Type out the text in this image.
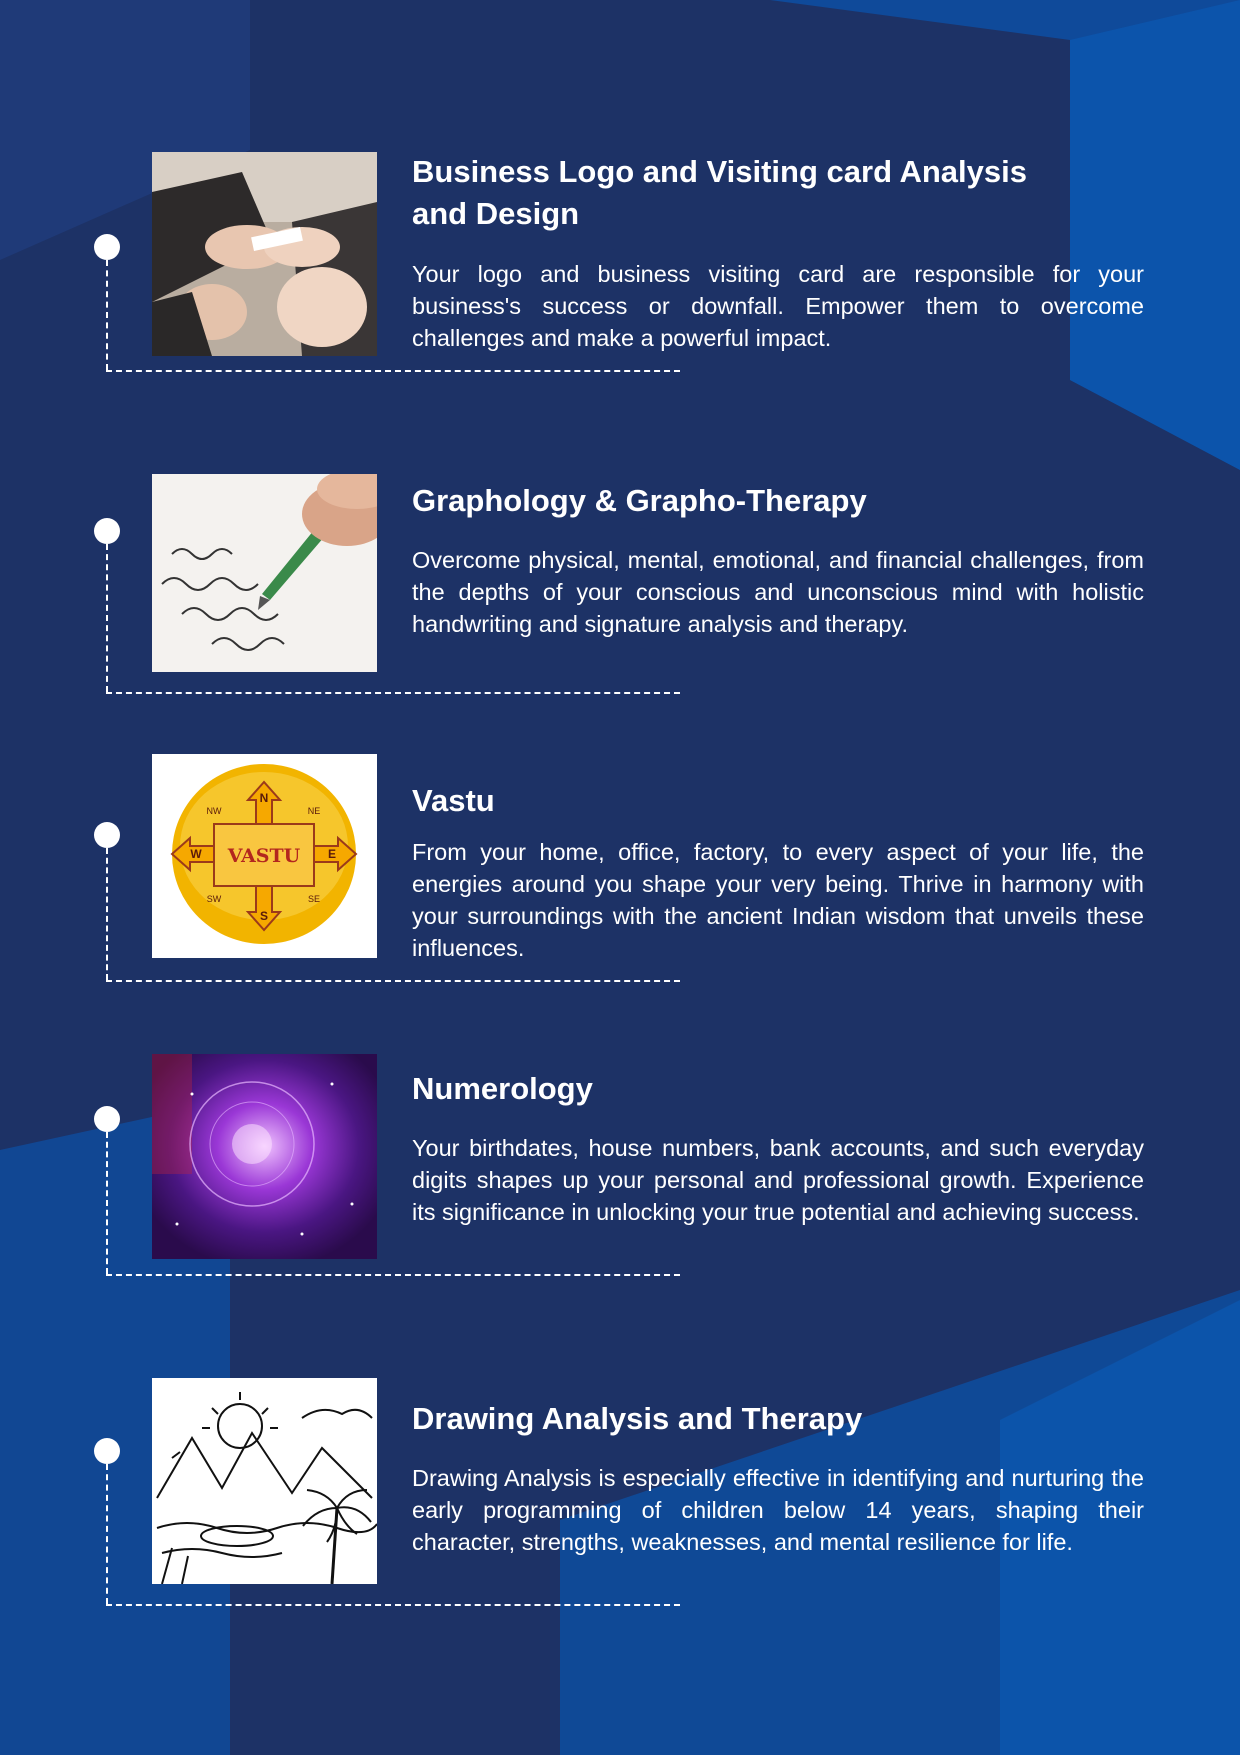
Business Logo and Visiting card Analysis and Design

Your logo and business visiting card are responsible for your business's success or downfall. Empower them to overcome challenges and make a powerful impact.

Graphology & Grapho-Therapy

Overcome physical, mental, emotional, and financial challenges, from the depths of your conscious and unconscious mind with holistic handwriting and signature analysis and therapy.

VASTU
N
S
W	E
NW	NE
SW	SE
Vastu

From your home, office, factory, to every aspect of your life, the energies around you shape your very being. Thrive in harmony with your surroundings with the ancient Indian wisdom that unveils these influences.

Numerology

Your birthdates, house numbers, bank accounts, and such everyday digits shapes up your personal and professional growth. Experience its significance in unlocking your true potential and achieving success.

Drawing Analysis and Therapy

Drawing Analysis is especially effective in identifying and nurturing the early programming of children below 14 years, shaping their character, strengths, weaknesses, and mental resilience for life.
